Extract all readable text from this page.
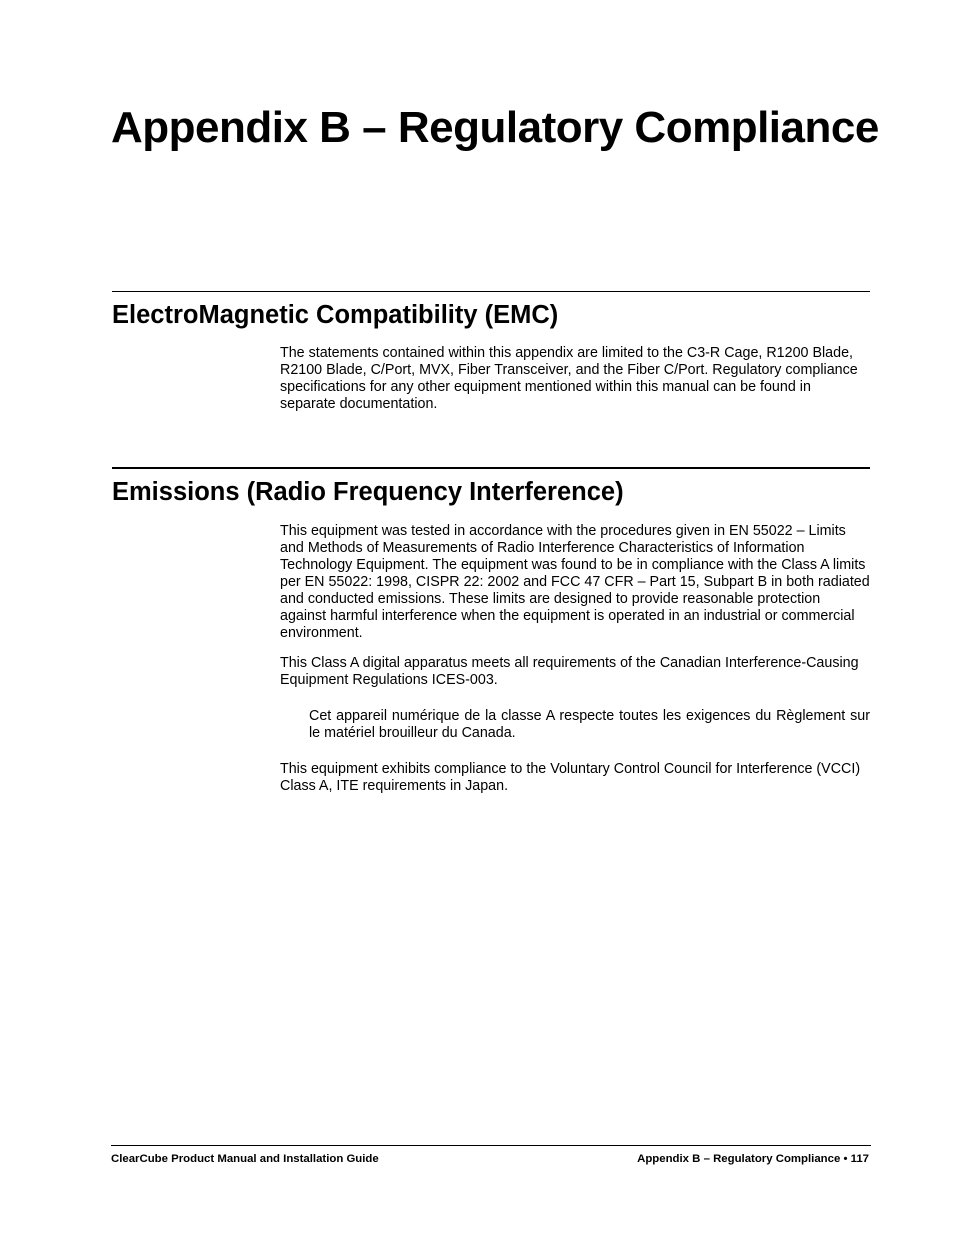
Appendix B – Regulatory Compliance
ElectroMagnetic Compatibility (EMC)

The statements contained within this appendix are limited to the C3-R Cage, R1200 Blade, R2100 Blade, C/Port, MVX, Fiber Transceiver, and the Fiber C/Port. Regulatory compliance specifications for any other equipment mentioned within this manual can be found in separate documentation.

Emissions (Radio Frequency Interference)

This equipment was tested in accordance with the procedures given in EN 55022 – Limits and Methods of Measurements of Radio Interference Characteristics of Information Technology Equipment. The equipment was found to be in compliance with the Class A limits per EN 55022: 1998, CISPR 22: 2002 and FCC 47 CFR – Part 15, Subpart B in both radiated and conducted emissions. These limits are designed to provide reasonable protection against harmful interference when the equipment is operated in an industrial or commercial environment.

This Class A digital apparatus meets all requirements of the Canadian Interference-Causing Equipment Regulations ICES-003.

Cet appareil numérique de la classe A respecte toutes les exigences du Règlement sur le matériel brouilleur du Canada.

This equipment exhibits compliance to the Voluntary Control Council for Interference (VCCI) Class A, ITE requirements in Japan.

ClearCube Product Manual and Installation Guide	Appendix B – Regulatory Compliance • 117
